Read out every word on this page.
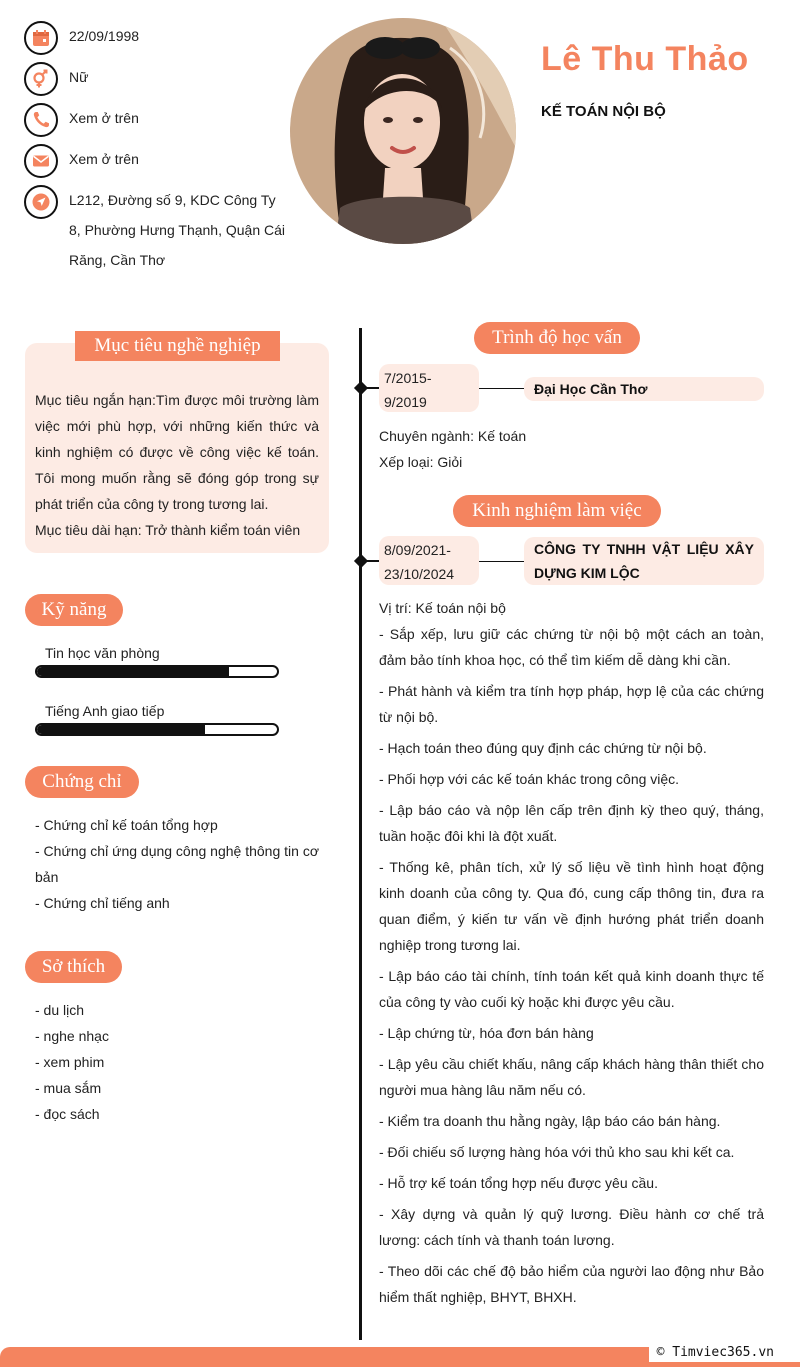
22/09/1998
Nữ
Xem ở trên
Xem ở trên
L212, Đường số 9, KDC Công Ty 8, Phường Hưng Thạnh, Quận Cái Răng, Cần Thơ
Lê Thu Thảo
KẾ TOÁN NỘI BỘ
Mục tiêu nghề nghiệp
Mục tiêu ngắn hạn:Tìm được môi trường làm việc mới phù hợp, với những kiến thức và kinh nghiệm có được về công việc kế toán. Tôi mong muốn rằng sẽ đóng góp trong sự phát triển của công ty trong tương lai.
Mục tiêu dài hạn: Trở thành kiểm toán viên
Kỹ năng
Tin học văn phòng
Tiếng Anh giao tiếp
Chứng chỉ
- Chứng chỉ kế toán tổng hợp
- Chứng chỉ ứng dụng công nghệ thông tin cơ bản
- Chứng chỉ tiếng anh
Sở thích
- du lịch
- nghe nhạc
- xem phim
- mua sắm
- đọc sách
Trình độ học vấn
7/2015-9/2019
Đại Học Cần Thơ
Chuyên ngành: Kế toán
Xếp loại: Giỏi
Kinh nghiệm làm việc
8/09/2021-23/10/2024
CÔNG TY TNHH VẬT LIỆU XÂY DỰNG KIM LỘC
Vị trí: Kế toán nội bộ
- Sắp xếp, lưu giữ các chứng từ nội bộ một cách an toàn, đảm bảo tính khoa học, có thể tìm kiếm dễ dàng khi cần.
- Phát hành và kiểm tra tính hợp pháp, hợp lệ của các chứng từ nội bộ.
- Hạch toán theo đúng quy định các chứng từ nội bộ.
- Phối hợp với các kế toán khác trong công việc.
- Lập báo cáo và nộp lên cấp trên định kỳ theo quý, tháng, tuần hoặc đôi khi là đột xuất.
- Thống kê, phân tích, xử lý số liệu về tình hình hoạt động kinh doanh của công ty. Qua đó, cung cấp thông tin, đưa ra quan điểm, ý kiến tư vấn về định hướng phát triển doanh nghiệp trong tương lai.
- Lập báo cáo tài chính, tính toán kết quả kinh doanh thực tế của công ty vào cuối kỳ hoặc khi được yêu cầu.
- Lập chứng từ, hóa đơn bán hàng
- Lập yêu cầu chiết khấu, nâng cấp khách hàng thân thiết cho người mua hàng lâu năm nếu có.
- Kiểm tra doanh thu hằng ngày, lập báo cáo bán hàng.
- Đối chiếu số lượng hàng hóa với thủ kho sau khi kết ca.
- Hỗ trợ kế toán tổng hợp nếu được yêu cầu.
- Xây dựng và quản lý quỹ lương. Điều hành cơ chế trả lương: cách tính và thanh toán lương.
- Theo dõi các chế độ bảo hiểm của người lao động như Bảo hiểm thất nghiệp, BHYT, BHXH.
© Timviec365.vn
